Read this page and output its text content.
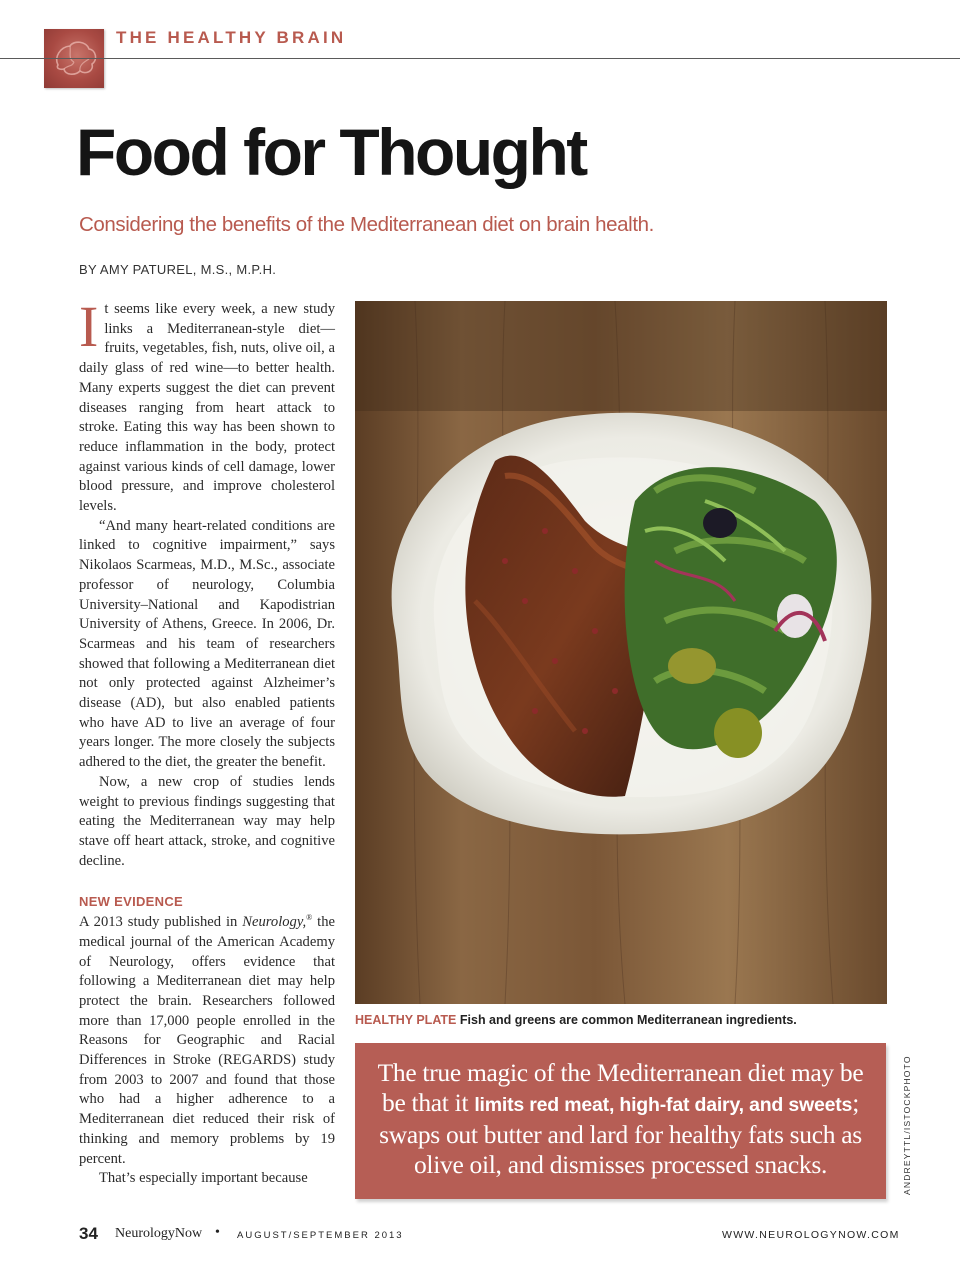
THE HEALTHY BRAIN
Food for Thought
Considering the benefits of the Mediterranean diet on brain health.
BY AMY PATUREL, M.S., M.P.H.

It seems like every week, a new study links a Mediterranean-style diet—fruits, vegetables, fish, nuts, olive oil, a daily glass of red wine—to better health. Many experts suggest the diet can prevent diseases ranging from heart attack to stroke. Eating this way has been shown to reduce inflammation in the body, protect against various kinds of cell damage, lower blood pressure, and improve cholesterol levels.

“And many heart-related conditions are linked to cognitive impairment,” says Nikolaos Scarmeas, M.D., M.Sc., associate professor of neurology, Columbia University–National and Kapodistrian University of Athens, Greece. In 2006, Dr. Scarmeas and his team of researchers showed that following a Mediterranean diet not only protected against Alzheimer’s disease (AD), but also enabled patients who have AD to live an average of four years longer. The more closely the subjects adhered to the diet, the greater the benefit.

Now, a new crop of studies lends weight to previous findings suggesting that eating the Mediterranean way may help stave off heart attack, stroke, and cognitive decline.

NEW EVIDENCE

A 2013 study published in Neurology,® the medical journal of the American Academy of Neurology, offers evidence that following a Mediterranean diet may help protect the brain. Researchers followed more than 17,000 people enrolled in the Reasons for Geographic and Racial Differences in Stroke (REGARDS) study from 2003 to 2007 and found that those who had a higher adherence to a Mediterranean diet reduced their risk of thinking and memory problems by 19 percent.

That’s especially important because

HEALTHY PLATE Fish and greens are common Mediterranean ingredients.
The true magic of the Mediterranean diet may be be that it limits red meat, high-fat dairy, and sweets; swaps out butter and lard for healthy fats such as olive oil, and dismisses processed snacks.	ANDREYTTL/ISTOCKPHOTO
34 NeurologyNow • AUGUST/SEPTEMBER 2013	WWW.NEUROLOGYNOW.COM
